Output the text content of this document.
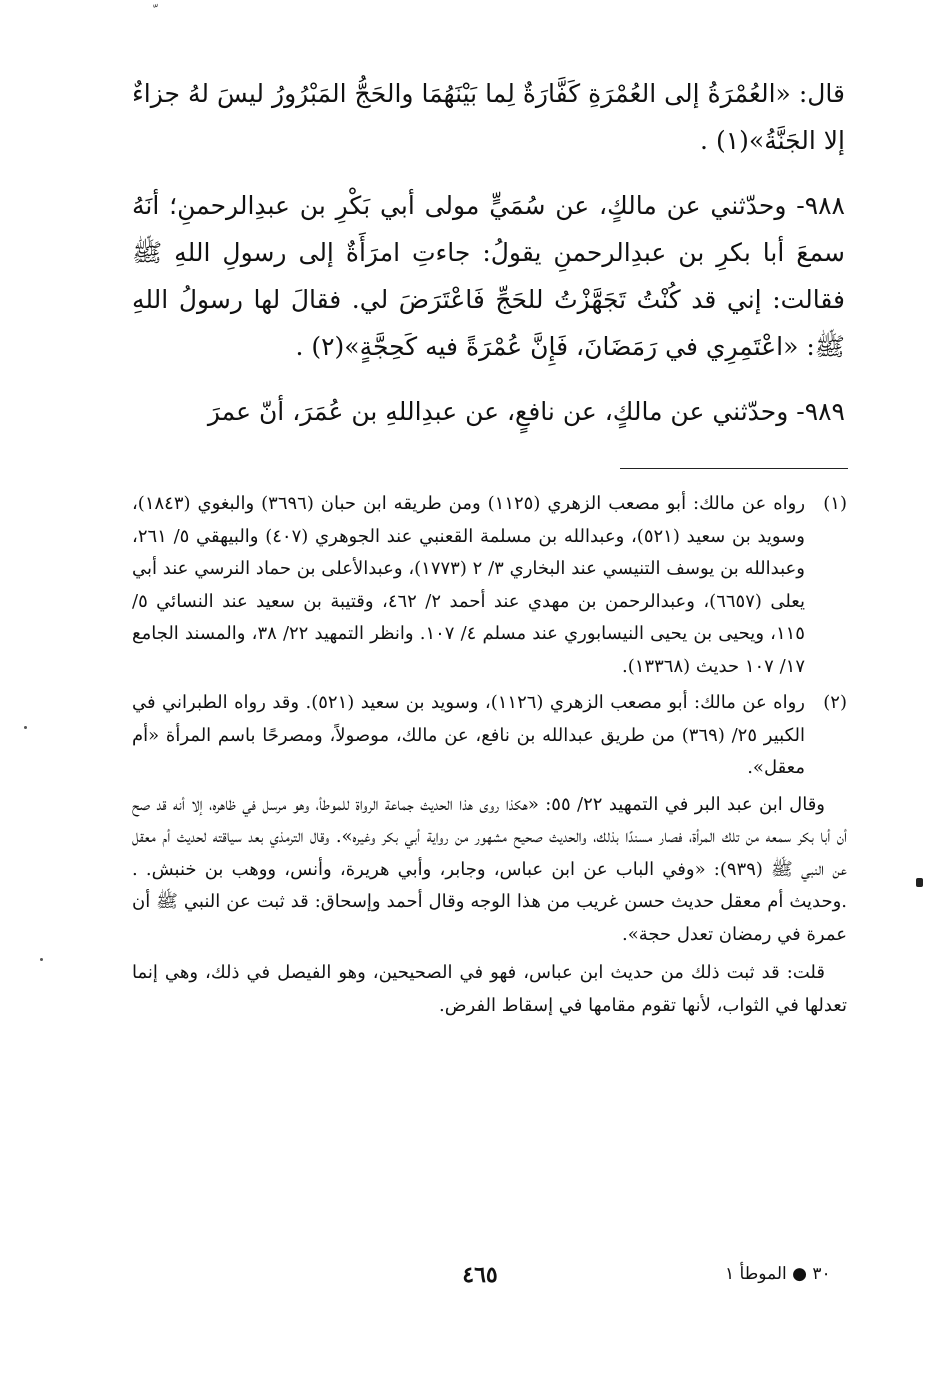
قال: «العُمْرَةُ إلى العُمْرَةِ كَفَّارَةٌ لِما بَيْنَهُمَا والحَجُّ المَبْرُورُ ليسَ لهُ جزاءٌ إلا الجَنَّةُ»(١) .

٩٨٨- وحدّثني عن مالكٍ، عن سُمَيٍّ مولى أبي بَكْرِ بن عبدِالرحمنِ؛ أنَهُ سمعَ أبا بكرِ بن عبدِالرحمنِ يقولُ: جاءتِ امرَأَةٌ إلى رسولِ اللهِ ﷺ فقالت: إني قد كُنْتُ تَجَهَّزْتُ للحَجِّ فَاعْتَرَضَ لي. فقالَ لها رسولُ اللهِ ﷺ: «اعْتَمِرِي في رَمَضَانَ، فَإِنَّ عُمْرَةً فيه كَحِجَّةٍ»(٢) .

٩٨٩- وحدّثني عن مالكٍ، عن نافعٍ، عن عبدِاللهِ بن عُمَرَ، أنّ عمرَ

(١)
رواه عن مالك: أبو مصعب الزهري (١١٢٥) ومن طريقه ابن حبان (٣٦٩٦) والبغوي (١٨٤٣)، وسويد بن سعيد (٥٢١)، وعبدالله بن مسلمة القعنبي عند الجوهري (٤٠٧) والبيهقي ٥/ ٢٦١، وعبدالله بن يوسف التنيسي عند البخاري ٣/ ٢ (١٧٧٣)، وعبدالأعلى بن حماد النرسي عند أبي يعلى (٦٦٥٧)، وعبدالرحمن بن مهدي عند أحمد ٢/ ٤٦٢، وقتيبة بن سعيد عند النسائي ٥/ ١١٥، ويحيى بن يحيى النيسابوري عند مسلم ٤/ ١٠٧. وانظر التمهيد ٢٢/ ٣٨، والمسند الجامع ١٧/ ١٠٧ حديث (١٣٣٦٨).
(٢)
رواه عن مالك: أبو مصعب الزهري (١١٢٦)، وسويد بن سعيد (٥٢١). وقد رواه الطبراني في الكبير ٢٥/ (٣٦٩) من طريق عبدالله بن نافع، عن مالك، موصولاً، ومصرحًا باسم المرأة «أم معقل».

وقال ابن عبد البر في التمهيد ٢٢/ ٥٥: «هكذا روى هذا الحديث جماعة الرواة للموطأ، وهو مرسل في ظاهره، إلا أنه قد صح أن أبا بكر سمعه من تلك المرأة، فصار مسندًا بذلك، والحديث صحيح مشهور من رواية أبي بكر وغيره». وقال الترمذي بعد سياقته لحديث أم معقل عن النبي ﷺ (٩٣٩): «وفي الباب عن ابن عباس، وجابر، وأبي هريرة، وأنس، ووهب بن خنبش. . .وحديث أم معقل حديث حسن غريب من هذا الوجه وقال أحمد وإسحاق: قد ثبت عن النبي ﷺ أن عمرة في رمضان تعدل حجة».

قلت: قد ثبت ذلك من حديث ابن عباس، فهو في الصحيحين، وهو الفيصل في ذلك، وهي إنما تعدلها في الثواب، لأنها تقوم مقامها في إسقاط الفرض.

٤٦٥	٣٠ ● الموطأ ١
